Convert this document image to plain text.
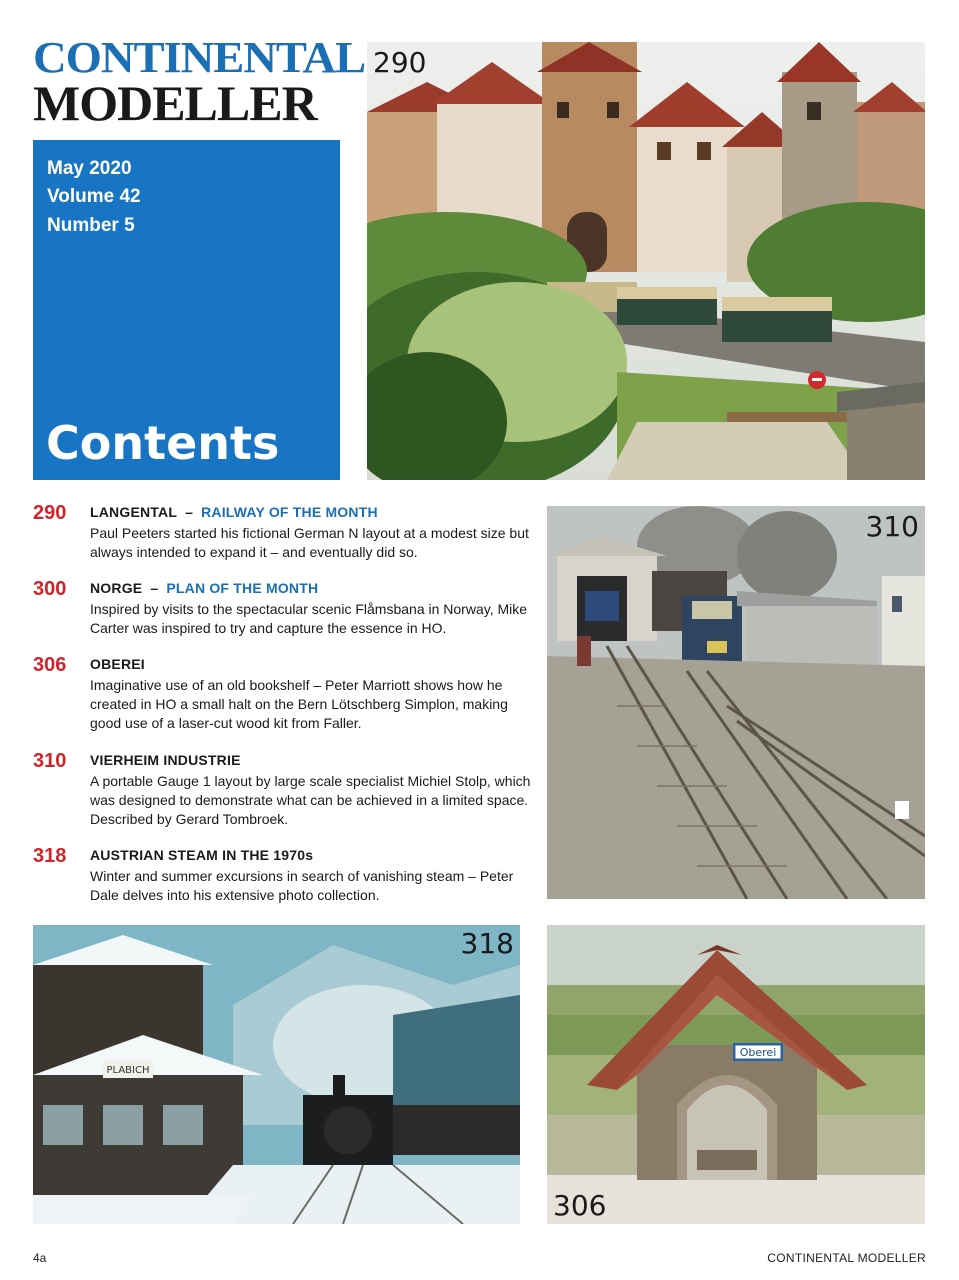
CONTINENTAL
MODELLER
May 2020
Volume 42
Number 5
Contents
290
290 LANGENTAL – RAILWAY OF THE MONTH
Paul Peeters started his fictional German N layout at a modest size but always intended to expand it – and eventually did so.
300 NORGE – PLAN OF THE MONTH
Inspired by visits to the spectacular scenic Flåmsbana in Norway, Mike Carter was inspired to try and capture the essence in HO.
306 OBEREI
Imaginative use of an old bookshelf – Peter Marriott shows how he created in HO a small halt on the Bern Lötschberg Simplon, making good use of a laser-cut wood kit from Faller.
310 VIERHEIM INDUSTRIE
A portable Gauge 1 layout by large scale specialist Michiel Stolp, which was designed to demonstrate what can be achieved in a limited space. Described by Gerard Tombroek.
318 AUSTRIAN STEAM IN THE 1970s
Winter and summer excursions in search of vanishing steam – Peter Dale delves into his extensive photo collection.
310
PLABICH
318
Oberei
306
4a	CONTINENTAL MODELLER
